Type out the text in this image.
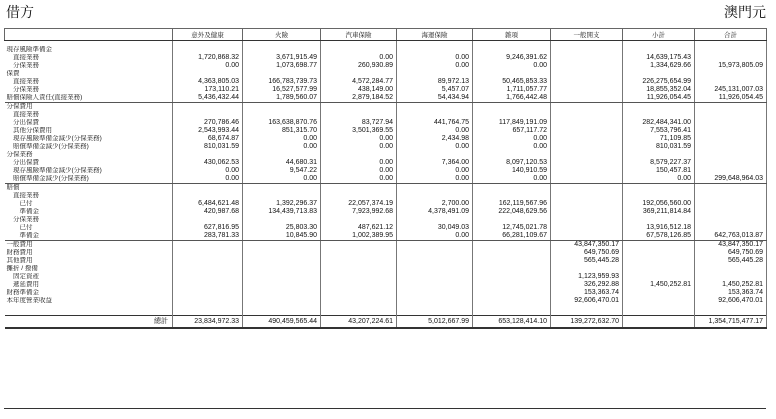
借方	澳門元
	意外及健康	火險	汽車保險	海運保險	雜項	一般開支	小計	合計

現存風險準備金								
　直接業務	1,720,868.32	3,671,915.49	0.00	0.00	9,246,391.62		14,639,175.43	
　分保業務	0.00	1,073,698.77	260,930.89	0.00	0.00		1,334,629.66	15,973,805.09
保費								
　直接業務	4,363,805.03	166,783,739.73	4,572,284.77	89,972.13	50,465,853.33		226,275,654.99	
　分保業務	173,110.21	16,527,577.99	438,149.00	5,457.07	1,711,057.77		18,855,352.04	245,131,007.03
賠償保險人責任(直接業務)	5,436,432.44	1,789,560.07	2,879,184.52	54,434.94	1,766,442.48		11,926,054.45	11,926,054.45
分保費用								
　直接業務								
　分出保費	270,786.46	163,638,870.76	83,727.94	441,764.75	117,849,191.09		282,484,341.00	
　其他分保費用	2,543,993.44	851,315.70	3,501,369.55	0.00	657,117.72		7,553,796.41	
　現存風險準備金減少(分保業務)	68,674.87	0.00	0.00	2,434.98	0.00		71,109.85	
　賠償準備金減少(分保業務)	810,031.59	0.00	0.00	0.00	0.00		810,031.59	
分保業務								
　分出保費	430,062.53	44,680.31	0.00	7,364.00	8,097,120.53		8,579,227.37	
　現存風險準備金減少(分保業務)	0.00	9,547.22	0.00	0.00	140,910.59		150,457.81	
　賠償準備金減少(分保業務)	0.00	0.00	0.00	0.00	0.00		0.00	299,648,964.03
賠償								
　直接業務								
　　已付	6,484,621.48	1,392,296.37	22,057,374.19	2,700.00	162,119,567.96		192,056,560.00	
　　準備金	420,987.68	134,439,713.83	7,923,992.68	4,378,491.09	222,048,629.56		369,211,814.84	
　分保業務								
　　已付	627,816.95	25,803.30	487,621.12	30,049.03	12,745,021.78		13,916,512.18	
　　準備金	283,781.33	10,845.90	1,002,389.95	0.00	66,281,109.67		67,578,126.85	642,763,013.87
一般費用						43,847,350.17		43,847,350.17
財務費用						649,750.69		649,750.69
其他費用						565,445.28		565,445.28
攤折 / 撥備								
　固定資產						1,123,959.93		
　遞延費用						326,292.88	1,450,252.81	1,450,252.81
財務準備金						153,363.74		153,363.74
本年度營業收益						92,606,470.01		92,606,470.01

總計	23,834,972.33	490,459,565.44	43,207,224.61	5,012,667.99	653,128,414.10	139,272,632.70		1,354,715,477.17
